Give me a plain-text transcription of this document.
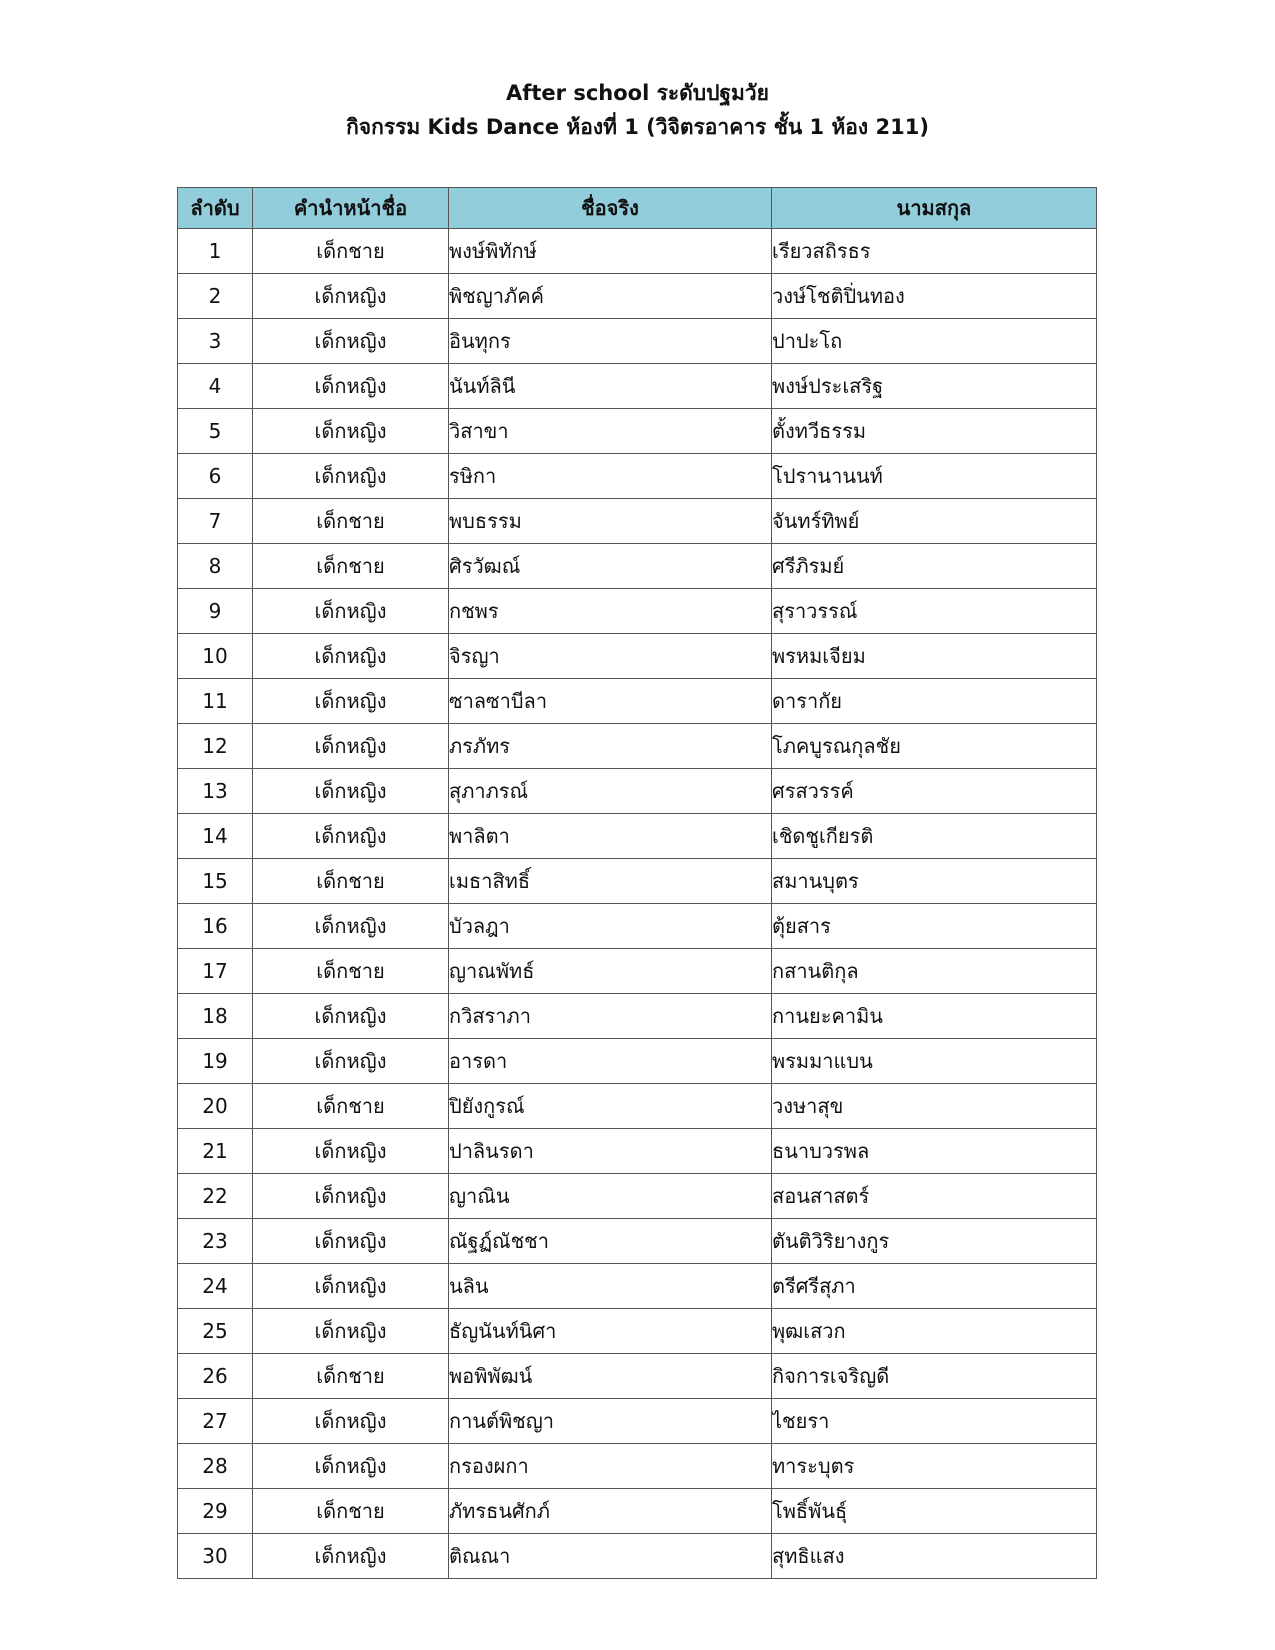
After school ระดับปฐมวัย
กิจกรรม Kids Dance ห้องที่ 1 (วิจิตรอาคาร ชั้น 1 ห้อง 211)
ลำดับ	คำนำหน้าชื่อ	ชื่อจริง	นามสกุล
1	เด็กชาย	พงษ์พิทักษ์	เรียวสถิรธร
2	เด็กหญิง	พิชญาภัคค์	วงษ์โชติปิ่นทอง
3	เด็กหญิง	อินทุกร	ปาปะโถ
4	เด็กหญิง	นันท์ลินี	พงษ์ประเสริฐ
5	เด็กหญิง	วิสาขา	ตั้งทวีธรรม
6	เด็กหญิง	รษิกา	โปรานานนท์
7	เด็กชาย	พบธรรม	จันทร์ทิพย์
8	เด็กชาย	ศิรวัฒณ์	ศรีภิรมย์
9	เด็กหญิง	กชพร	สุราวรรณ์
10	เด็กหญิง	จิรญา	พรหมเจียม
11	เด็กหญิง	ซาลซาบีลา	ดารากัย
12	เด็กหญิง	ภรภัทร	โภคบูรณกุลชัย
13	เด็กหญิง	สุภาภรณ์	ศรสวรรค์
14	เด็กหญิง	พาลิตา	เชิดชูเกียรติ
15	เด็กชาย	เมธาสิทธิ์	สมานบุตร
16	เด็กหญิง	บัวลฎา	ตุ้ยสาร
17	เด็กชาย	ญาณพัทธ์	กสานติกุล
18	เด็กหญิง	กวิสราภา	กานยะคามิน
19	เด็กหญิง	อารดา	พรมมาแบน
20	เด็กชาย	ปิยังกูรณ์	วงษาสุข
21	เด็กหญิง	ปาลินรดา	ธนาบวรพล
22	เด็กหญิง	ญาณิน	สอนสาสตร์
23	เด็กหญิง	ณัฐฏ์ณัชชา	ตันติวิริยางกูร
24	เด็กหญิง	นลิน	ตรีศรีสุภา
25	เด็กหญิง	ธัญนันท์นิศา	พุฒเสวก
26	เด็กชาย	พอพิพัฒน์	กิจการเจริญดี
27	เด็กหญิง	กานต์พิชญา	ไชยรา
28	เด็กหญิง	กรองผกา	ทาระบุตร
29	เด็กชาย	ภัทรธนศักภ์	โพธิ์พันธุ์
30	เด็กหญิง	ติณณา	สุทธิแสง
